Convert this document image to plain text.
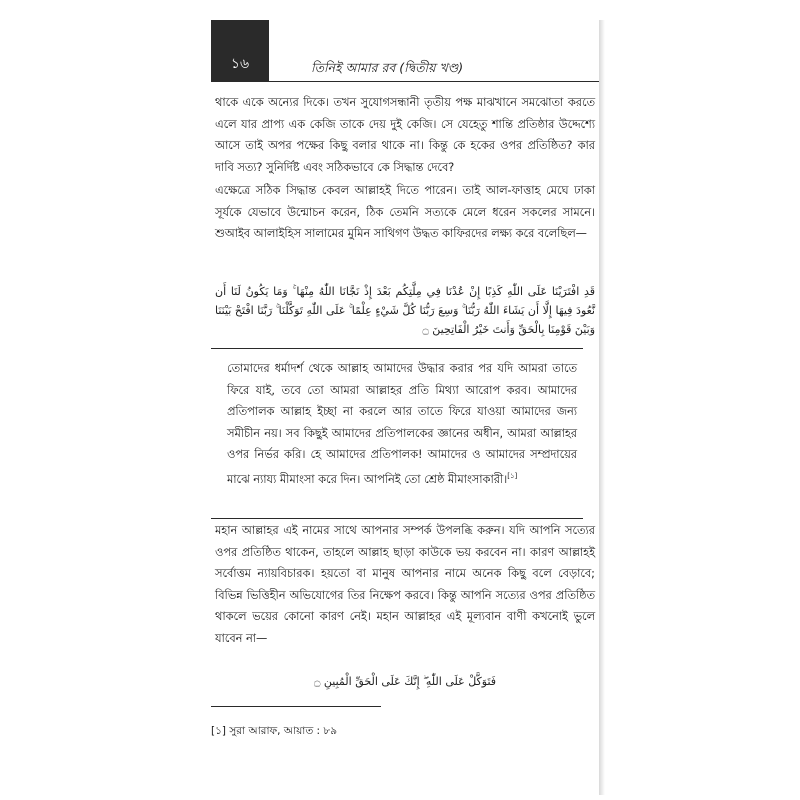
১৬	তিনিই আমার রব (দ্বিতীয় খণ্ড)

থাকে একে অন্যের দিকে। তখন সুযোগসন্ধানী তৃতীয় পক্ষ মাঝখানে সমঝোতা করতে এলে যার প্রাপ্য এক কেজি তাকে দেয় দুই কেজি। সে যেহেতু শান্তি প্রতিষ্ঠার উদ্দেশ্যে আসে তাই অপর পক্ষের কিছু বলার থাকে না। কিন্তু কে হকের ওপর প্রতিষ্ঠিত? কার দাবি সত্য? সুনির্দিষ্ট এবং সঠিকভাবে কে সিদ্ধান্ত দেবে?

এক্ষেত্রে সঠিক সিদ্ধান্ত কেবল আল্লাহই দিতে পারেন। তাই আল-ফাত্তাহ মেঘে ঢাকা সূর্যকে যেভাবে উন্মোচন করেন, ঠিক তেমনি সত্যকে মেলে ধরেন সকলের সামনে। শুআইব আলাইহিস সালামের মুমিন সাথিগণ উদ্ধত কাফিরদের লক্ষ্য করে বলেছিল—

قَدِ افْتَرَيْنَا عَلَى اللّٰهِ كَذِبًا إِنْ عُدْنَا فِي مِلَّتِكُم بَعْدَ إِذْ نَجَّانَا اللّٰهُ مِنْهَا ۚ وَمَا يَكُونُ لَنَا أَن نَّعُودَ فِيهَا إِلَّا أَن يَشَاءَ اللّٰهُ رَبُّنَا ۚ وَسِعَ رَبُّنَا كُلَّ شَيْءٍ عِلْمًا ۚ عَلَى اللّٰهِ تَوَكَّلْنَا ۚ رَبَّنَا افْتَحْ بَيْنَنَا وَبَيْنَ قَوْمِنَا بِالْحَقِّ وَأَنتَ خَيْرُ الْفَاتِحِينَ ۝

তোমাদের ধর্মাদর্শ থেকে আল্লাহ আমাদের উদ্ধার করার পর যদি আমরা তাতে ফিরে যাই, তবে তো আমরা আল্লাহর প্রতি মিথ্যা আরোপ করব। আমাদের প্রতিপালক আল্লাহ ইচ্ছা না করলে আর তাতে ফিরে যাওয়া আমাদের জন্য সমীচীন নয়। সব কিছুই আমাদের প্রতিপালকের জ্ঞানের অধীন, আমরা আল্লাহর ওপর নির্ভর করি। হে আমাদের প্রতিপালক! আমাদের ও আমাদের সম্প্রদায়ের মাঝে ন্যায্য মীমাংসা করে দিন। আপনিই তো শ্রেষ্ঠ মীমাংসাকারী।[১]

মহান আল্লাহর এই নামের সাথে আপনার সম্পর্ক উপলব্ধি করুন। যদি আপনি সত্যের ওপর প্রতিষ্ঠিত থাকেন, তাহলে আল্লাহ ছাড়া কাউকে ভয় করবেন না। কারণ আল্লাহই সর্বোত্তম ন্যায়বিচারক। হয়তো বা মানুষ আপনার নামে অনেক কিছু বলে বেড়াবে; বিভিন্ন ভিত্তিহীন অভিযোগের তির নিক্ষেপ করবে। কিন্তু আপনি সত্যের ওপর প্রতিষ্ঠিত থাকলে ভয়ের কোনো কারণ নেই। মহান আল্লাহর এই মূল্যবান বাণী কখনোই ভুলে যাবেন না—

فَتَوَكَّلْ عَلَى اللّٰهِ ۖ إِنَّكَ عَلَى الْحَقِّ الْمُبِينِ ۝
[১] সুরা আরাফ, আয়াত : ৮৯
